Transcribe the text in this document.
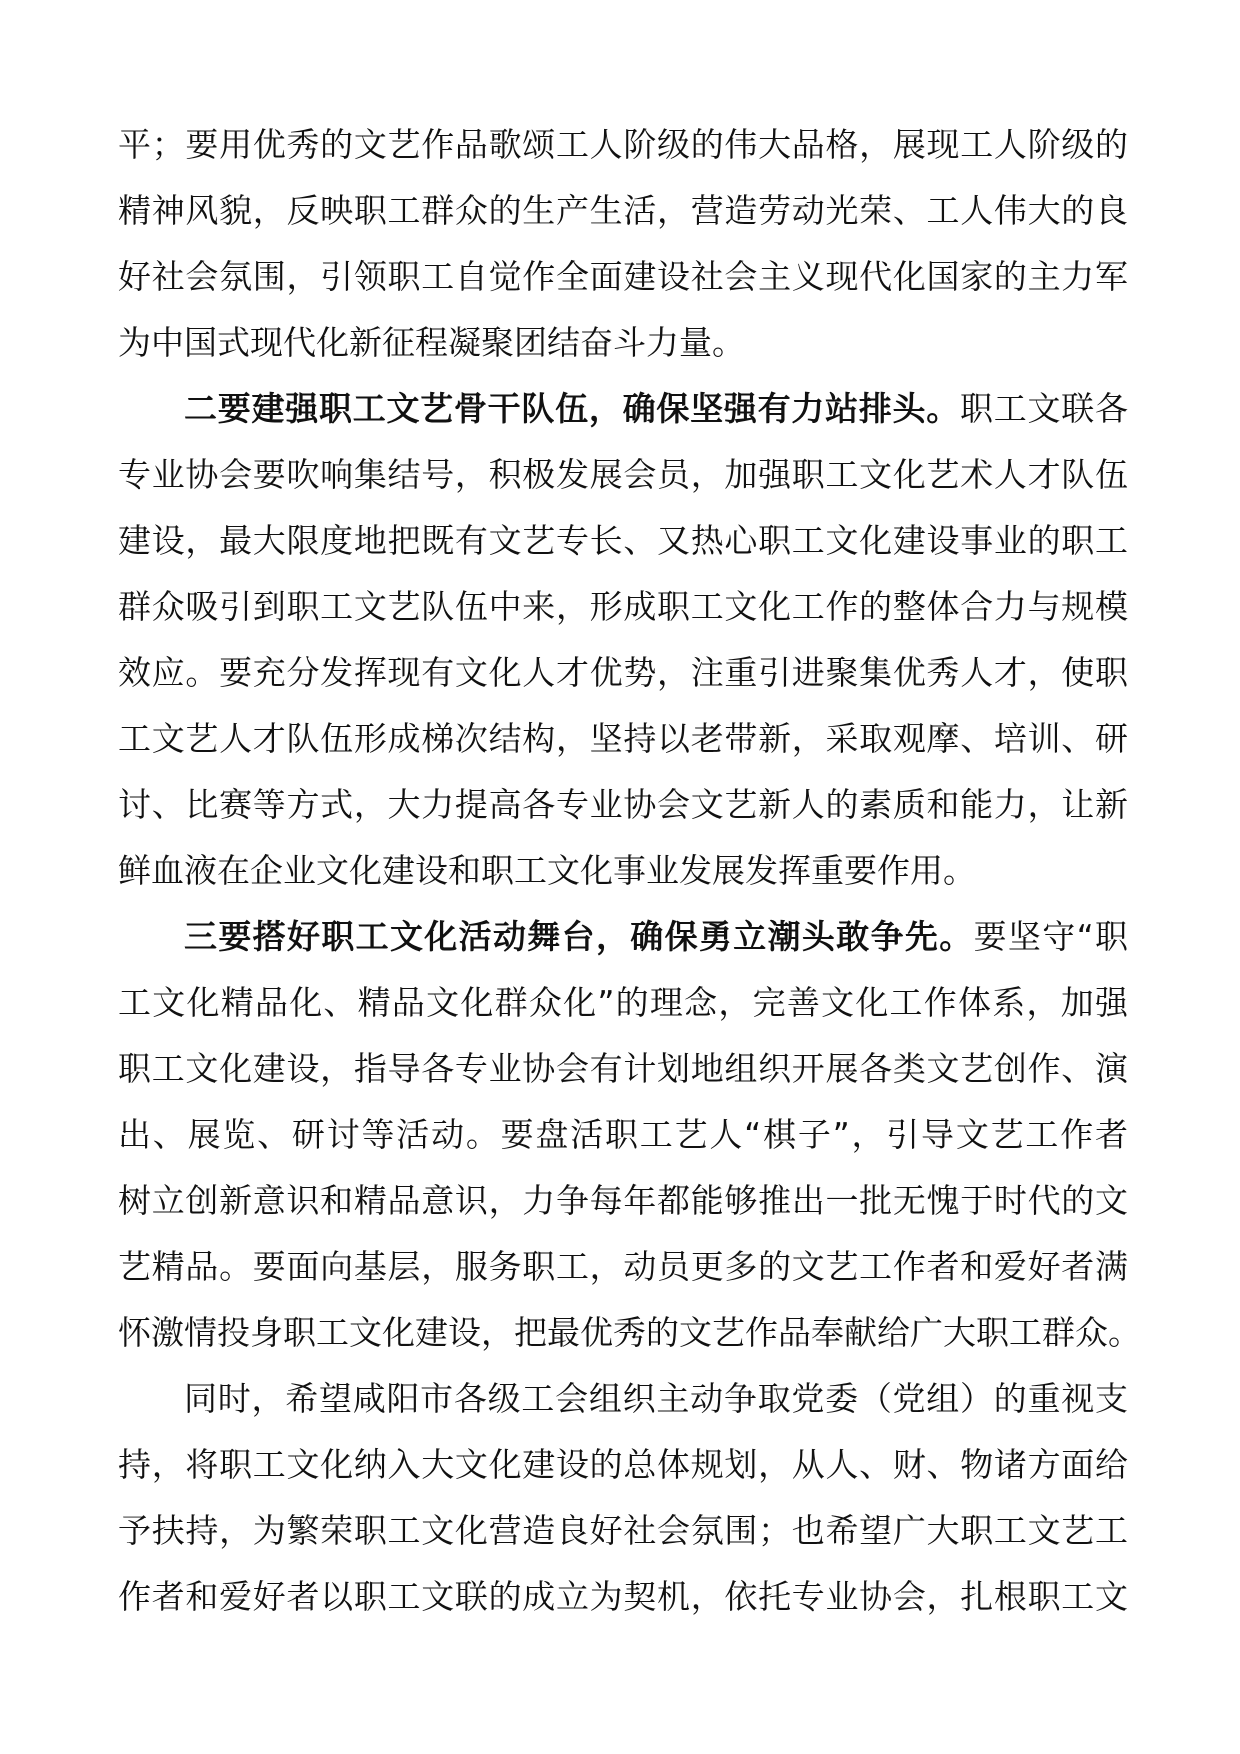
平；要用优秀的文艺作品歌颂工人阶级的伟大品格，展现工人阶级的
精神风貌，反映职工群众的生产生活，营造劳动光荣、工人伟大的良
好社会氛围，引领职工自觉作全面建设社会主义现代化国家的主力军
为中国式现代化新征程凝聚团结奋斗力量。
二要建强职工文艺骨干队伍，确保坚强有力站排头。职工文联各
专业协会要吹响集结号，积极发展会员，加强职工文化艺术人才队伍
建设，最大限度地把既有文艺专长、又热心职工文化建设事业的职工
群众吸引到职工文艺队伍中来，形成职工文化工作的整体合力与规模
效应。要充分发挥现有文化人才优势，注重引进聚集优秀人才，使职
工文艺人才队伍形成梯次结构，坚持以老带新，采取观摩、培训、研
讨、比赛等方式，大力提高各专业协会文艺新人的素质和能力，让新
鲜血液在企业文化建设和职工文化事业发展发挥重要作用。
三要搭好职工文化活动舞台，确保勇立潮头敢争先。要坚守“职
工文化精品化、精品文化群众化”的理念，完善文化工作体系，加强
职工文化建设，指导各专业协会有计划地组织开展各类文艺创作、演
出、展览、研讨等活动。要盘活职工艺人“棋子”，引导文艺工作者
树立创新意识和精品意识，力争每年都能够推出一批无愧于时代的文
艺精品。要面向基层，服务职工，动员更多的文艺工作者和爱好者满
怀激情投身职工文化建设，把最优秀的文艺作品奉献给广大职工群众。
同时，希望咸阳市各级工会组织主动争取党委（党组）的重视支
持，将职工文化纳入大文化建设的总体规划，从人、财、物诸方面给
予扶持，为繁荣职工文化营造良好社会氛围；也希望广大职工文艺工
作者和爱好者以职工文联的成立为契机，依托专业协会，扎根职工文
